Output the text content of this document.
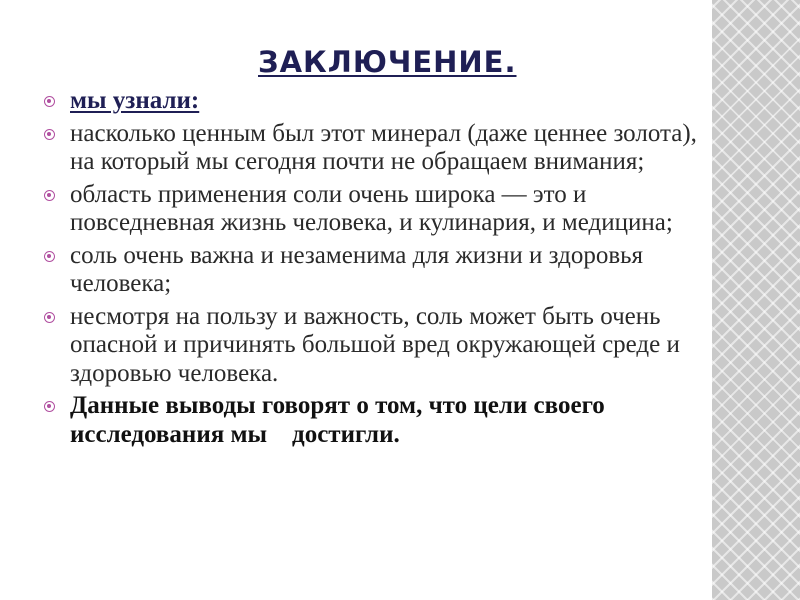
ЗАКЛЮЧЕНИЕ.
мы узнали:
насколько ценным был этот минерал (даже ценнее золота), на который мы сегодня почти не обращаем внимания;
область применения соли очень широка — это и повседневная жизнь человека, и кулинария, и медицина;
соль очень важна и незаменима для жизни и здоровья человека;
несмотря на пользу и важность, соль может быть очень опасной и причинять большой вред окружающей среде и здоровью человека.
Данные выводы говорят о том, что цели своего исследования мы    достигли.
